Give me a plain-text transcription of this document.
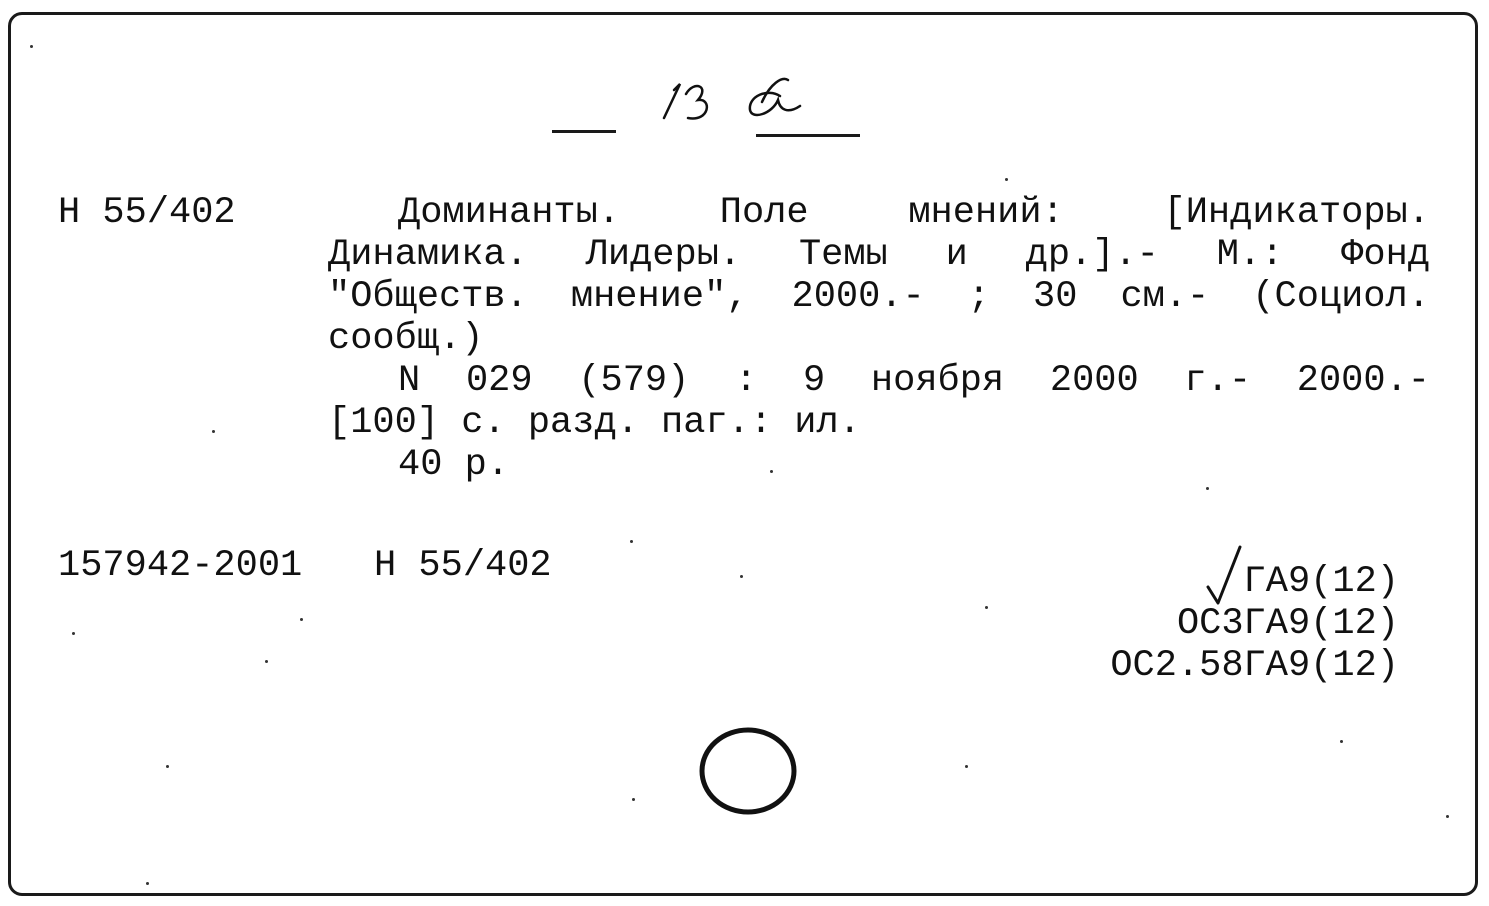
13 а
H 55/402	Доминанты.	Поле	мнений:	[Индикаторы.
Динамика. Лидеры. Темы и др.].- М.: Фонд
"Обществ. мнение", 2000.- ; 30 см.- (Социол.
сообщ.)
N 029 (579) : 9 ноября 2000 г.- 2000.-
[100] с. разд. паг.: ил.
40 р.
157942-2001 H 55/402	ГА9(12)
ОС3ГА9(12)
ОС2.58ГА9(12)
